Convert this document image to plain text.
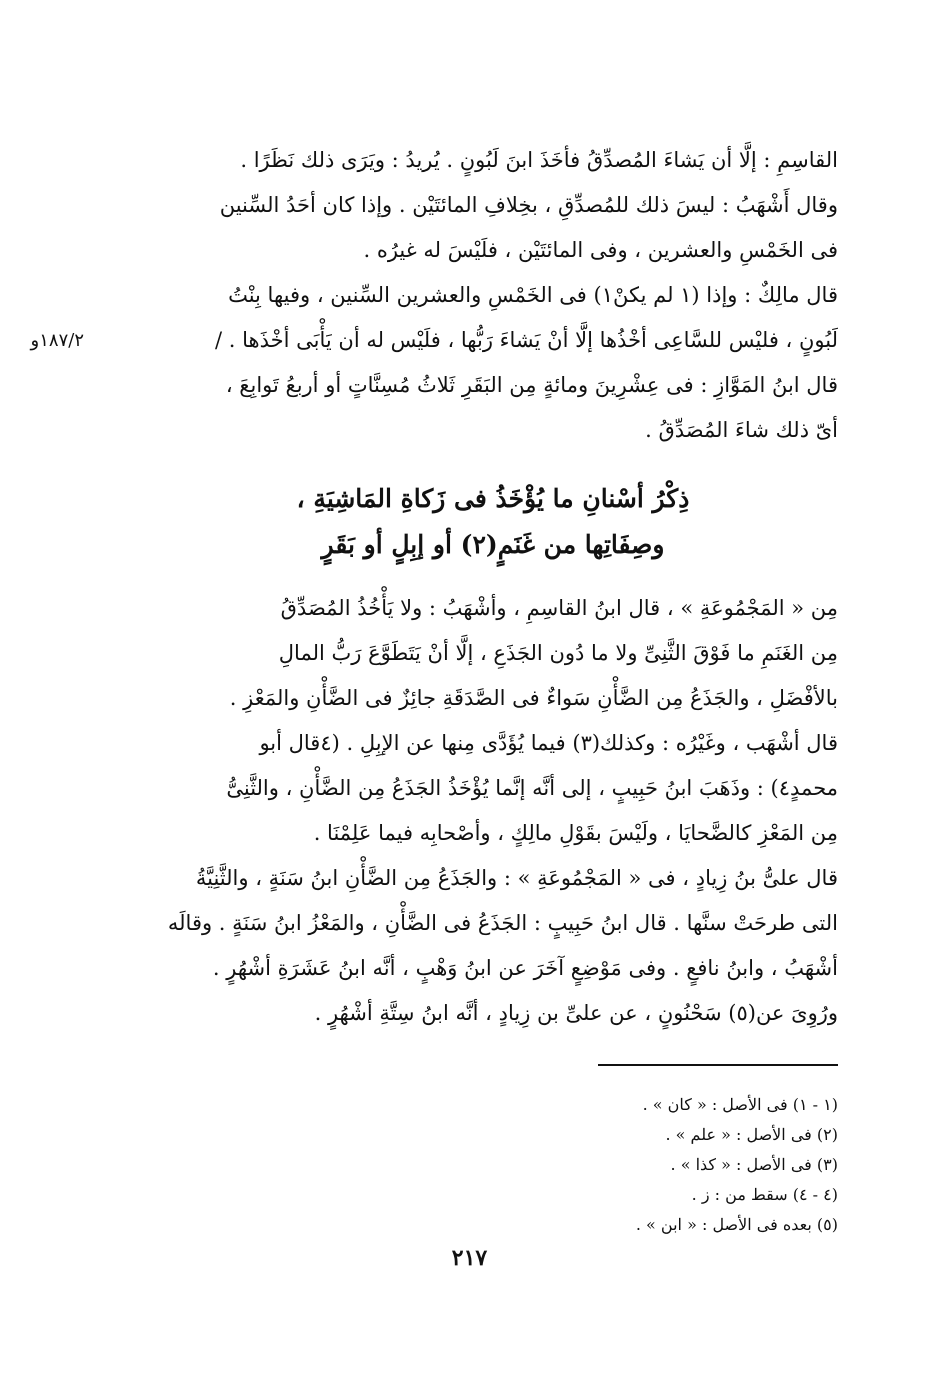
القاسِمِ : إلَّا أن يَشاءَ المُصدِّقُ فأخَذَ ابنَ لَبُونٍ . يُريدُ : ويَرَى ذلك نَظَرًا .
وقال أَشْهَبُ : ليسَ ذلك للمُصدِّقِ ، بخِلافِ المائتَيْن . وإذا كان أحَدُ السِّنين
فى الخَمْسِ والعشرين ، وفى المائتَيْن ، فلَيْسَ له غيرُه .
قال مالِكٌ : وإذا (١ لم يكنْ١) فى الخَمْسِ والعشرين السِّنين ، وفيها بِنْتُ
لَبُونٍ ، فليْس للسَّاعِى أخْذُها إلَّا أنْ يَشاءَ رَبُّها ، فلَيْس له أن يَأْبَى أخْذَها . /
قال ابنُ المَوَّازِ : فى عِشْرِينَ ومائةٍ مِن البَقَرِ ثَلاثُ مُسِنَّاتٍ أو أربعُ تَوابِعَ ،
أىّ ذلك شاءَ المُصَدِّقُ .
١٨٧/٢و
ذِكْرُ أسْنانِ ما يُؤْخَذُ فى زَكاةِ المَاشِيَةِ ،
وصِفَاتِها من غَنَمٍ(٢) أو إبِلٍ أو بَقَرٍ
مِن « المَجْمُوعَةِ » ، قال ابنُ القاسِمِ ، وأشْهَبُ : ولا يَأْخُذُ المُصَدِّقُ
مِن الغَنَمِ ما فَوْقَ الثَّنِىِّ ولا ما دُون الجَذَعِ ، إلَّا أنْ يَتَطَوَّعَ رَبُّ المالِ
بالأفْضَلِ ، والجَذَعُ مِن الضَّأْنِ سَواءٌ فى الصَّدَقَةِ جائِزٌ فى الضَّأْنِ والمَعْزِ .
قال أشْهَب ، وغَيْرُه : وكذلك(٣) فيما يُؤَدَّى مِنها عن الإبِلِ . (٤قال أبو
محمدٍ٤) : وذَهَبَ ابنُ حَبِيبٍ ، إلى أنَّه إنَّما يُؤْخَذُ الجَذَعُ مِن الضَّأْنِ ، والثَّنِىُّ
مِن المَعْزِ كالضَّحايَا ، ولَيْسَ بقَوْلِ مالِكٍ ، وأصْحابِه فيما عَلِمْنَا .
قال علىُّ بنُ زِيادٍ ، فى « المَجْمُوعَةِ » : والجَذَعُ مِن الضَّأْنِ ابنُ سَنَةٍ ، والثَّنِيَّةُ
التى طرحَتْ سنَّها . قال ابنُ حَبِيبٍ : الجَذَعُ فى الضَّأْنِ ، والمَعْزُ ابنُ سَنَةٍ . وقالَه
أشْهَبُ ، وابنُ نافعٍ . وفى مَوْضِعٍ آخَرَ عن ابنُ وَهْبٍ ، أنَّه ابنُ عَشَرَةِ أشْهُرٍ .
ورُوِىَ عن(٥) سَحْنُونٍ ، عن علىِّ بن زِيادٍ ، أنَّه ابنُ سِتَّةِ أشْهُرٍ .
(١ - ١) فى الأصل : « كان » .
(٢) فى الأصل : « علم » .
(٣) فى الأصل : « كذا » .
(٤ - ٤) سقط من : ز .
(٥) بعده فى الأصل : « ابن » .
٢١٧
